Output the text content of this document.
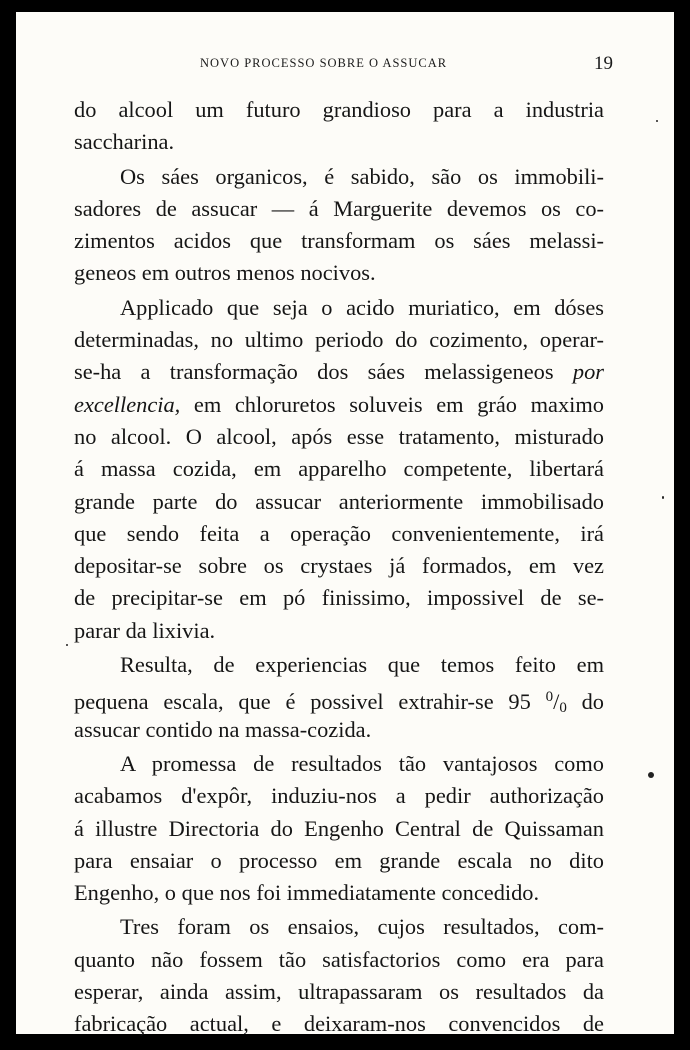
NOVO PROCESSO SOBRE O ASSUCAR	19

do alcool um futuro grandioso para a industria
saccharina.

Os sáes organicos, é sabido, são os immobili-
sadores de assucar — á Marguerite devemos os co-
zimentos acidos que transformam os sáes melassi-
geneos em outros menos nocivos.

Applicado que seja o acido muriatico, em dóses
determinadas, no ultimo periodo do cozimento, operar-
se-ha a transformação dos sáes melassigeneos por
excellencia, em chloruretos soluveis em gráo maximo
no alcool. O alcool, após esse tratamento, misturado
á massa cozida, em apparelho competente, libertará
grande parte do assucar anteriormente immobilisado
que sendo feita a operação convenientemente, irá
depositar-se sobre os crystaes já formados, em vez
de precipitar-se em pó finissimo, impossivel de se-
parar da lixivia.

Resulta, de experiencias que temos feito em
pequena escala, que é possivel extrahir-se 95 $^0/_0$ do
assucar contido na massa-cozida.

A promessa de resultados tão vantajosos como
acabamos d'expôr, induziu-nos a pedir authorização
á illustre Directoria do Engenho Central de Quissaman
para ensaiar o processo em grande escala no dito
Engenho, o que nos foi immediatamente concedido.

Tres foram os ensaios, cujos resultados, com-
quanto não fossem tão satisfactorios como era para
esperar, ainda assim, ultrapassaram os resultados da
fabricação actual, e deixaram-nos convencidos de
